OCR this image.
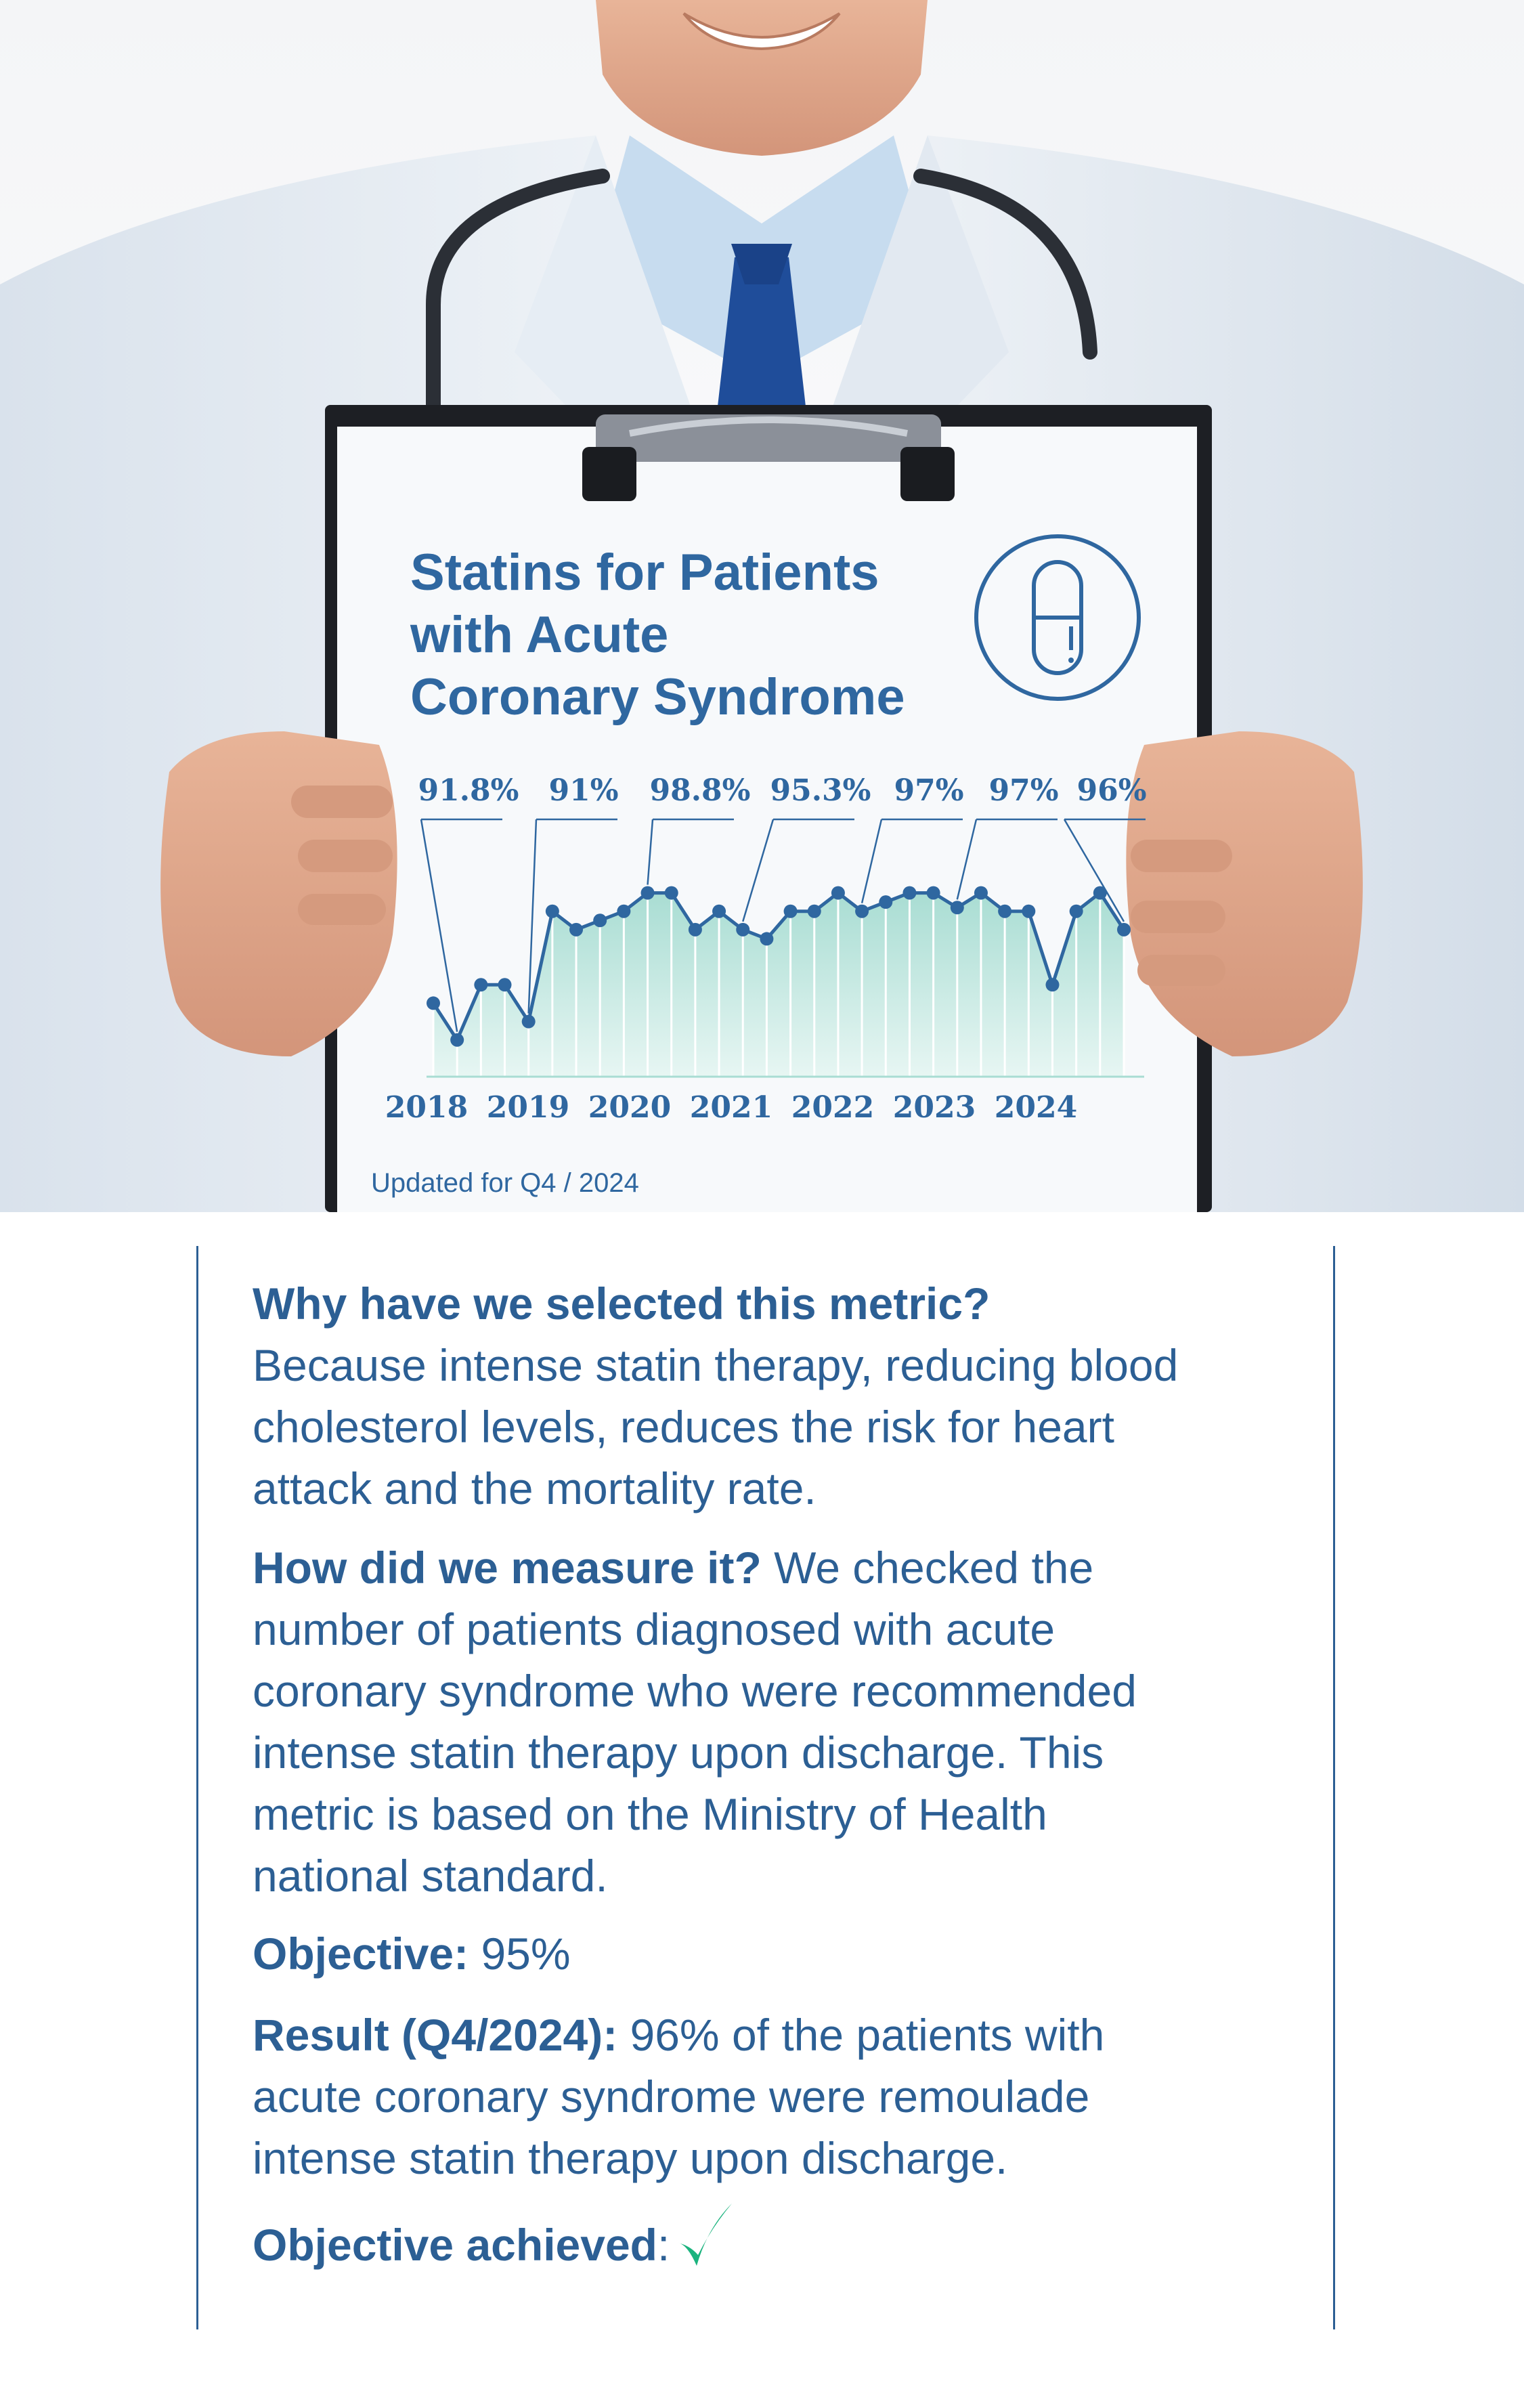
91.8% 91% 98.8% 95.3% 97% 97% 96%
2018 2019 2020 2021 2022 2023 2024
Statins for Patients
with Acute
Coronary Syndrome
Updated for Q4 / 2024

Why have we selected this metric?
Because intense statin therapy, reducing blood
cholesterol levels, reduces the risk for heart
attack and the mortality rate.

How did we measure it? We checked the
number of patients diagnosed with acute
coronary syndrome who were recommended
intense statin therapy upon discharge. This
metric is based on the Ministry of Health
national standard.

Objective: 95%

Result (Q4/2024): 96% of the patients with
acute coronary syndrome were remoulade
intense statin therapy upon discharge.

Objective achieved:
